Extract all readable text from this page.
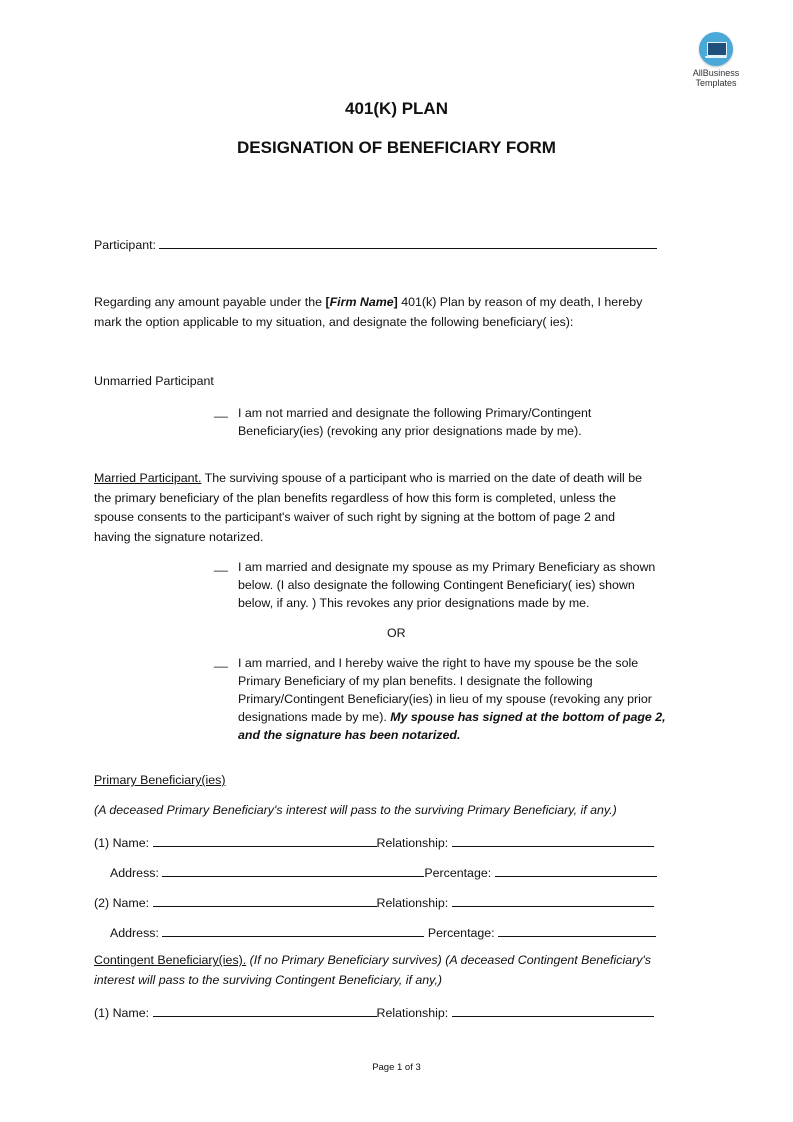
AllBusiness
Templates
401(K) PLAN
DESIGNATION OF BENEFICIARY FORM
Participant:
Regarding any amount payable under the [Firm Name] 401(k) Plan by reason of my death, I hereby
mark the option applicable to my situation, and designate the following beneficiary( ies):
Unmarried Participant
__ I am not married and designate the following Primary/Contingent
Beneficiary(ies) (revoking any prior designations made by me).
Married Participant. The surviving spouse of a participant who is married on the date of death will be
the primary beneficiary of the plan benefits regardless of how this form is completed, unless the
spouse consents to the participant's waiver of such right by signing at the bottom of page 2 and
having the signature notarized.
__ I am married and designate my spouse as my Primary Beneficiary as shown
below. (I also designate the following Contingent Beneficiary( ies) shown
below, if any. ) This revokes any prior designations made by me.
OR
__ I am married, and I hereby waive the right to have my spouse be the sole
Primary Beneficiary of my plan benefits. I designate the following
Primary/Contingent Beneficiary(ies) in lieu of my spouse (revoking any prior
designations made by me). My spouse has signed at the bottom of page 2,
and the signature has been notarized.
Primary Beneficiary(ies)
(A deceased Primary Beneficiary's interest will pass to the surviving Primary Beneficiary, if any.)
(1) Name:	Relationship:
Address:	Percentage:
(2) Name:	Relationship:
Address:	Percentage:
Contingent Beneficiary(ies). (If no Primary Beneficiary survives) (A deceased Contingent Beneficiary's
interest will pass to the surviving Contingent Beneficiary, if any,)
(1) Name:	Relationship:
Page 1 of 3
